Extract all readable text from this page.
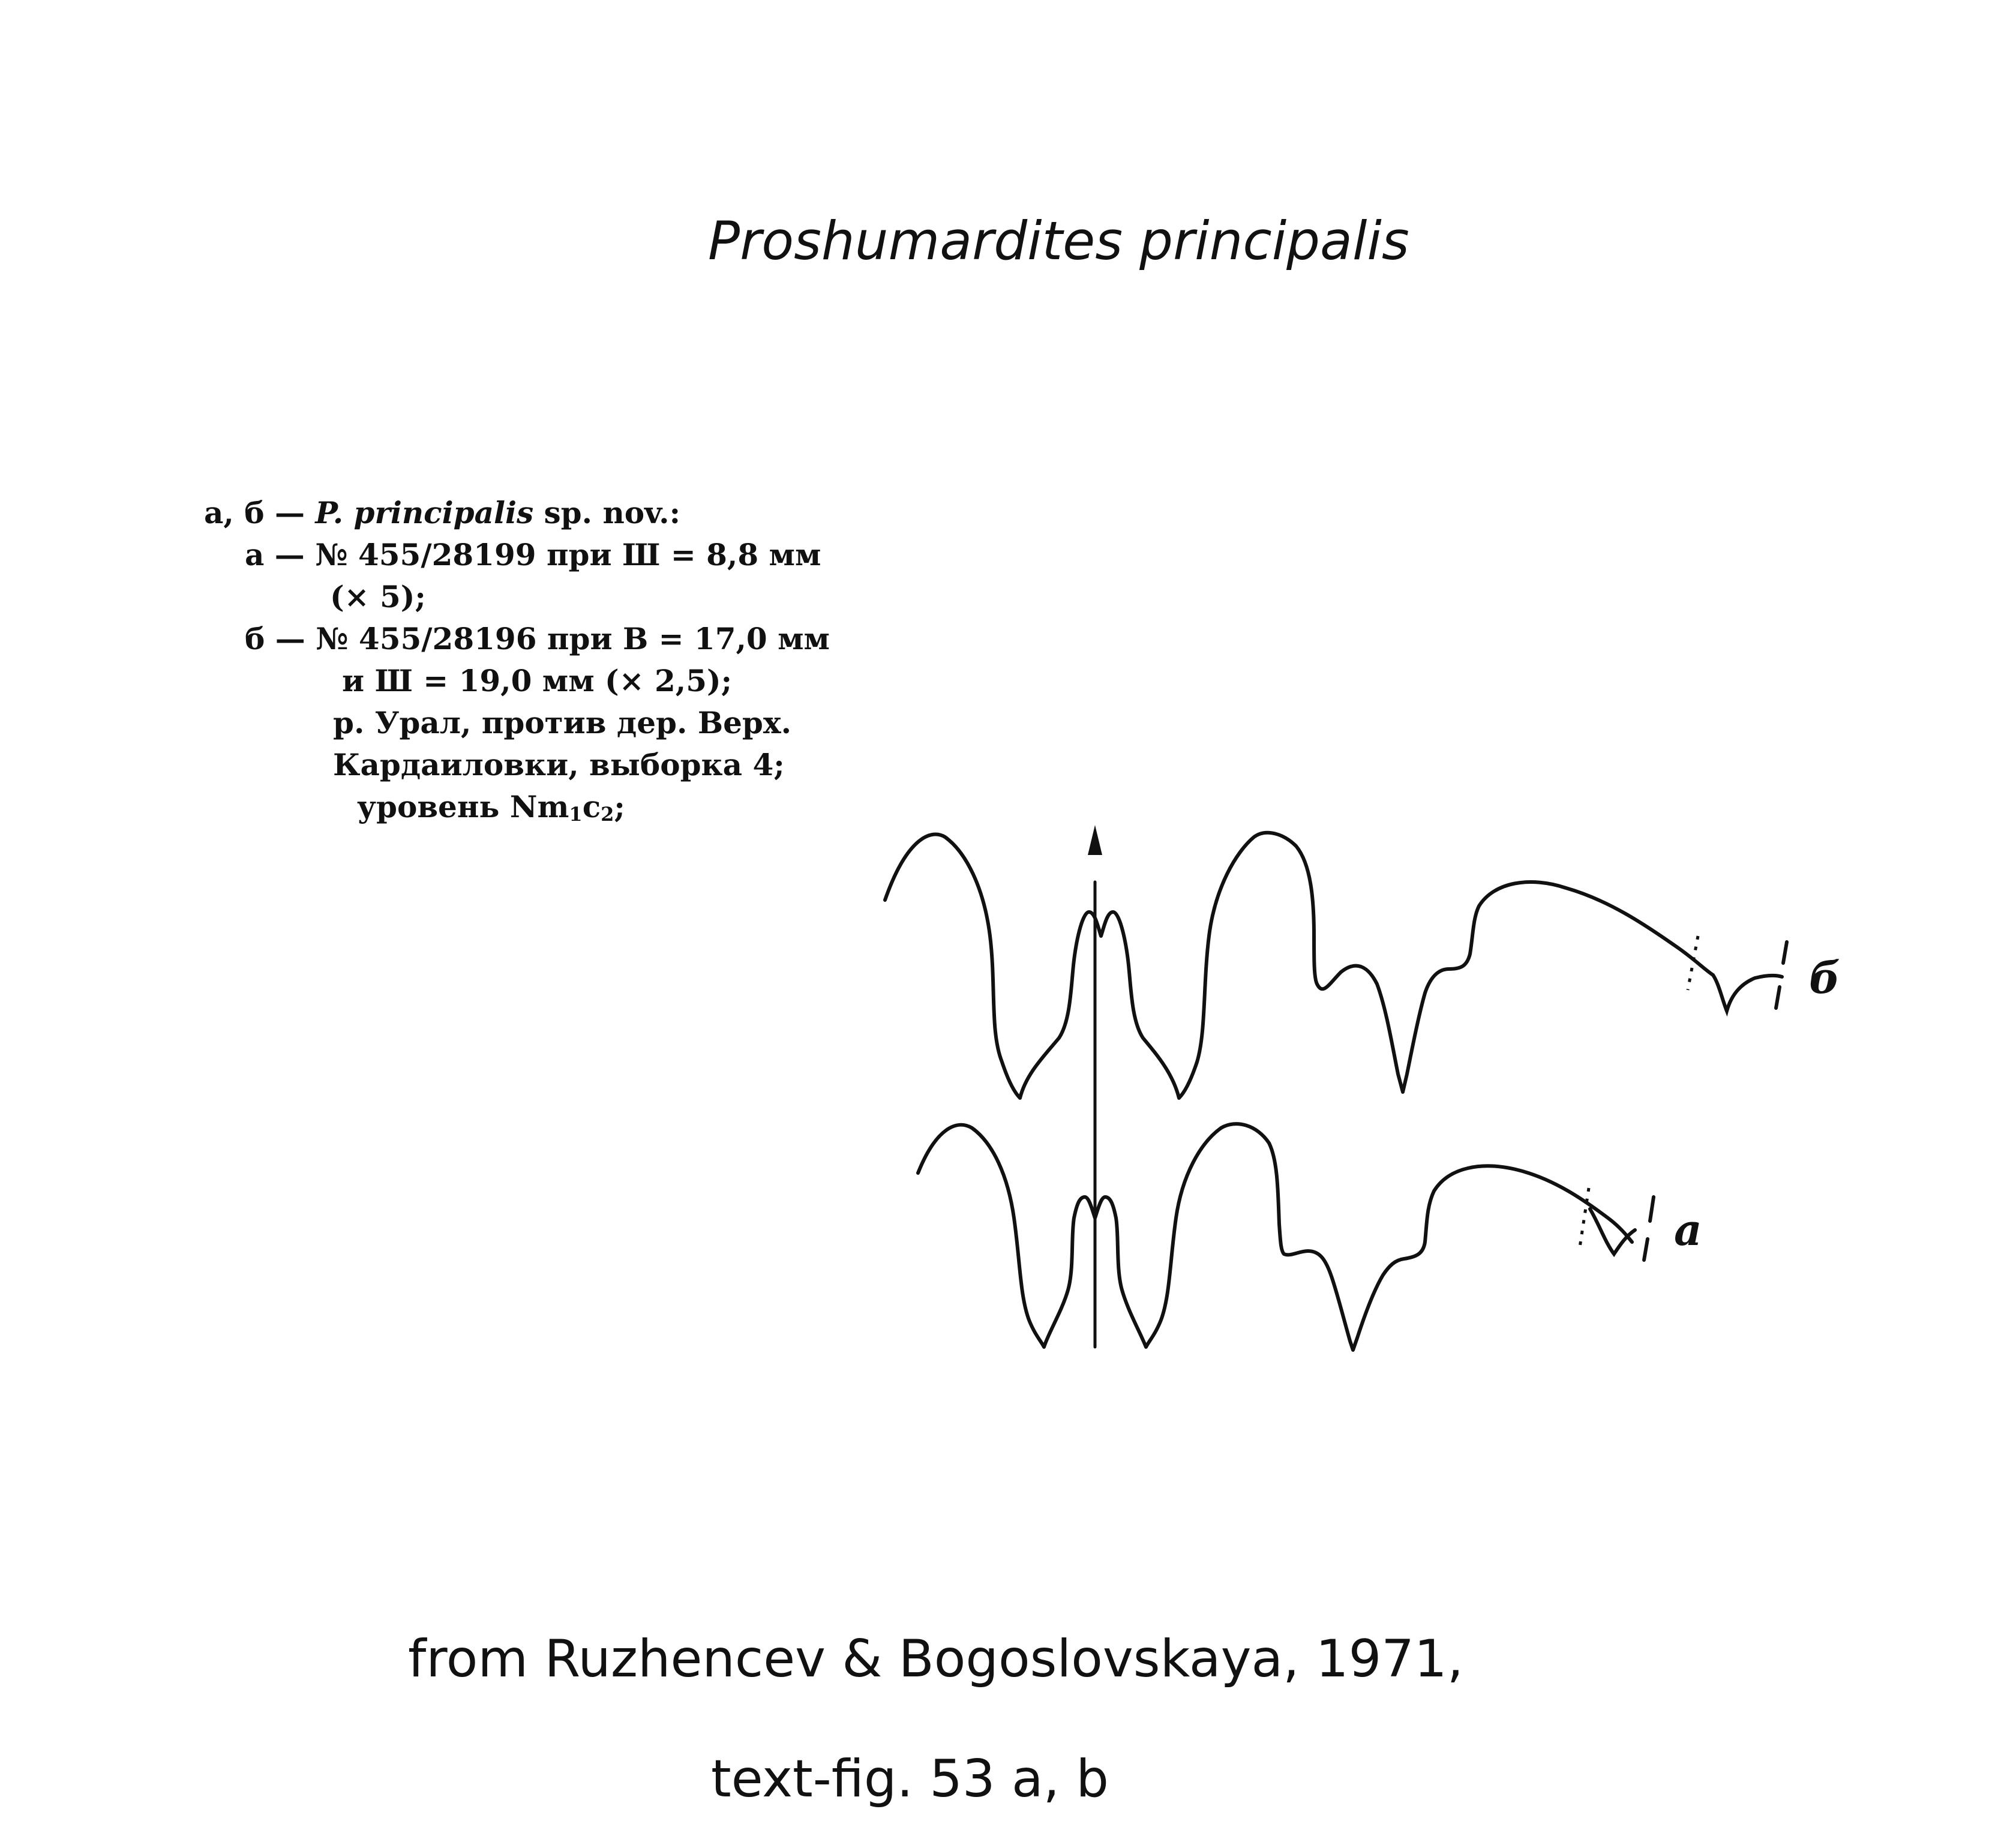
Proshumardites principalis
а, б — P. principalis sp. nov.:
а — № 455/28199 при Ш = 8,8 мм
(× 5);
б — № 455/28196 при В = 17,0 мм
и Ш = 19,0 мм (× 2,5);
р. Урал, против дер. Верх.
Кардаиловки, выборка 4;
уровень $Nm_1c_2$;
б
a
from Ruzhencev & Bogoslovskaya, 1971,
text-fig. 53 a, b
